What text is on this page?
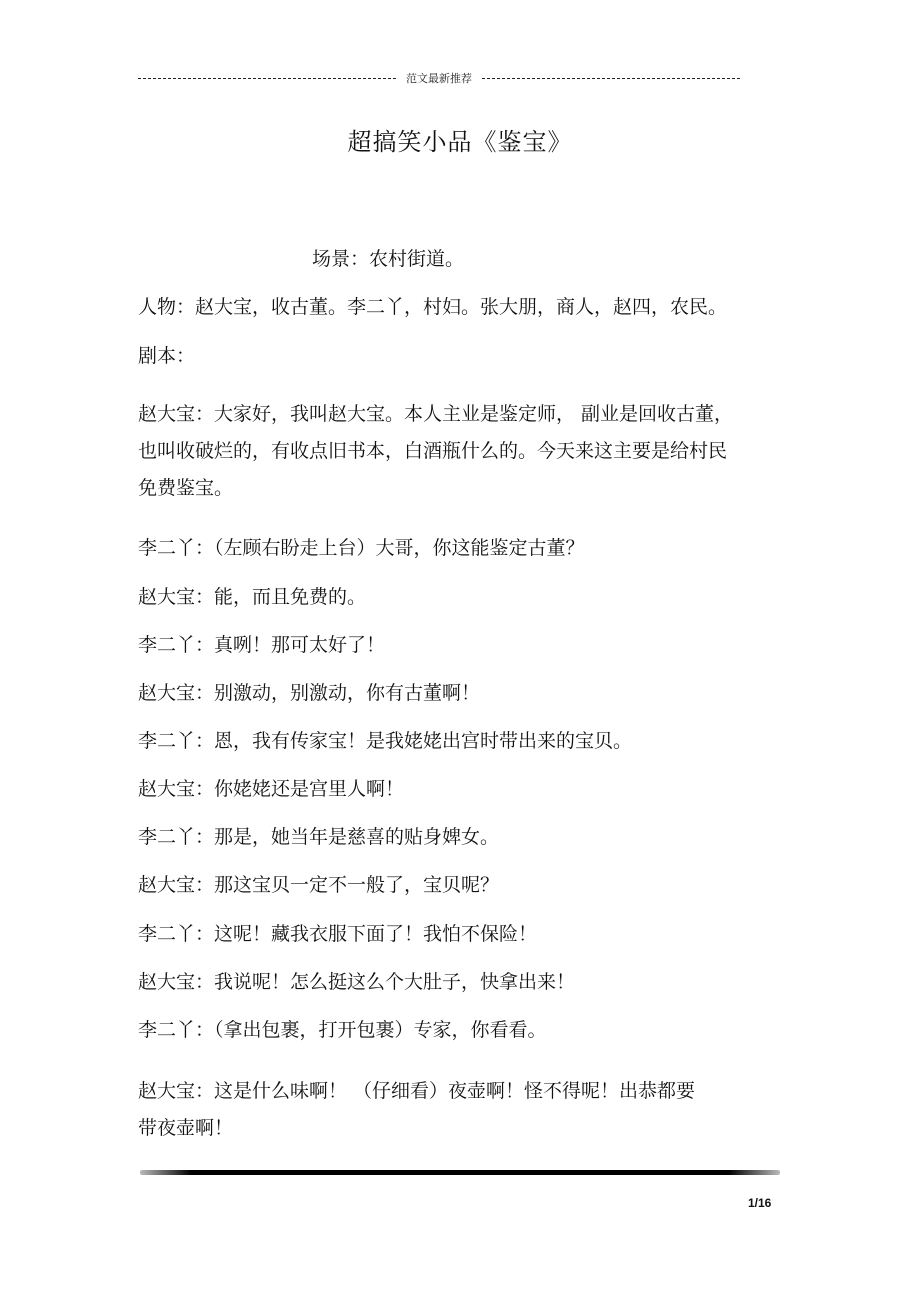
范文最新推荐
超搞笑小品《鉴宝》
场景：农村街道。
人物：赵大宝，收古董。李二丫，村妇。张大朋，商人，赵四，农民。
剧本：
赵大宝：大家好，我叫赵大宝。本人主业是鉴定师， 副业是回收古董，
也叫收破烂的，有收点旧书本，白酒瓶什么的。今天来这主要是给村民
免费鉴宝。
李二丫：（左顾右盼走上台）大哥，你这能鉴定古董？
赵大宝：能，而且免费的。
李二丫：真咧！那可太好了！
赵大宝：别激动，别激动，你有古董啊！
李二丫：恩，我有传家宝！是我姥姥出宫时带出来的宝贝。
赵大宝：你姥姥还是宫里人啊！
李二丫：那是，她当年是慈喜的贴身婢女。
赵大宝：那这宝贝一定不一般了，宝贝呢？
李二丫：这呢！藏我衣服下面了！我怕不保险！
赵大宝：我说呢！怎么挺这么个大肚子，快拿出来！
李二丫：（拿出包裹，打开包裹）专家，你看看。
赵大宝：这是什么味啊！ （仔细看）夜壶啊！怪不得呢！出恭都要
带夜壶啊！
1/16
